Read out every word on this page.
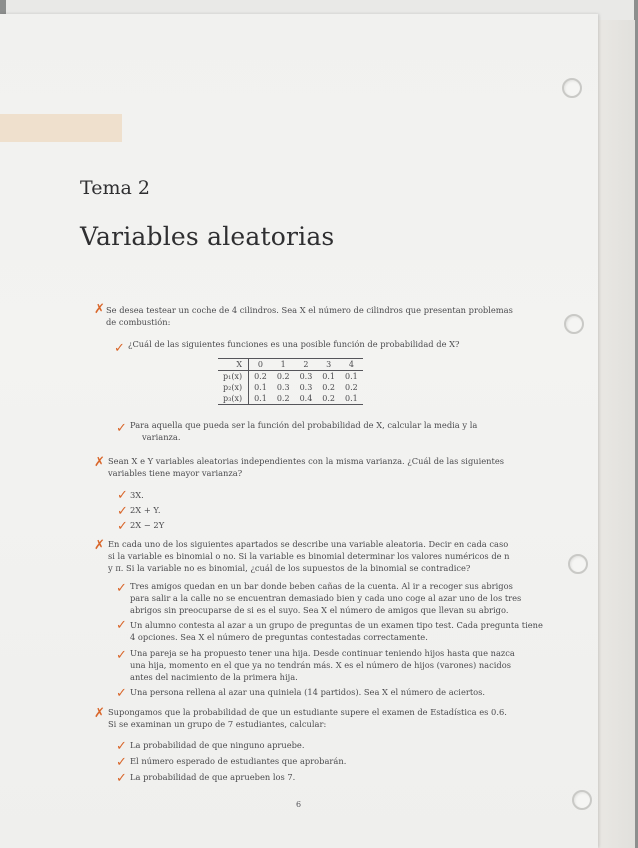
Tema 2
Variables aleatorias
✗ Se desea testear un coche de 4 cilindros. Sea X el número de cilindros que presentan problemas
de combustión:
✓ ¿Cuál de las siguientes funciones es una posible función de probabilidad de X?
X	0	1	2	3	4
p₁(x)	0.2	0.2	0.3	0.1	0.1
p₂(x)	0.1	0.3	0.3	0.2	0.2
p₃(x)	0.1	0.2	0.4	0.2	0.1
✓ Para aquella que pueda ser la función del probabilidad de X, calcular la media y la
varianza.
✗ Sean X e Y variables aleatorias independientes con la misma varianza. ¿Cuál de las siguientes
variables tiene mayor varianza?
✓ 3X.
✓ 2X + Y.
✓ 2X − 2Y
✗ En cada uno de los siguientes apartados se describe una variable aleatoria. Decir en cada caso
si la variable es binomial o no. Si la variable es binomial determinar los valores numéricos de n
y π. Si la variable no es binomial, ¿cuál de los supuestos de la binomial se contradice?
✓ Tres amigos quedan en un bar donde beben cañas de la cuenta. Al ir a recoger sus abrigos
para salir a la calle no se encuentran demasiado bien y cada uno coge al azar uno de los tres
abrigos sin preocuparse de si es el suyo. Sea X el número de amigos que llevan su abrigo.
✓ Un alumno contesta al azar a un grupo de preguntas de un examen tipo test. Cada pregunta tiene
4 opciones. Sea X el número de preguntas contestadas correctamente.
✓ Una pareja se ha propuesto tener una hija. Desde continuar teniendo hijos hasta que nazca
una hija, momento en el que ya no tendrán más. X es el número de hijos (varones) nacidos
antes del nacimiento de la primera hija.
✓ Una persona rellena al azar una quiniela (14 partidos). Sea X el número de aciertos.
✗ Supongamos que la probabilidad de que un estudiante supere el examen de Estadística es 0.6.
Si se examinan un grupo de 7 estudiantes, calcular:
✓ La probabilidad de que ninguno apruebe.
✓ El número esperado de estudiantes que aprobarán.
✓ La probabilidad de que aprueben los 7.
6
